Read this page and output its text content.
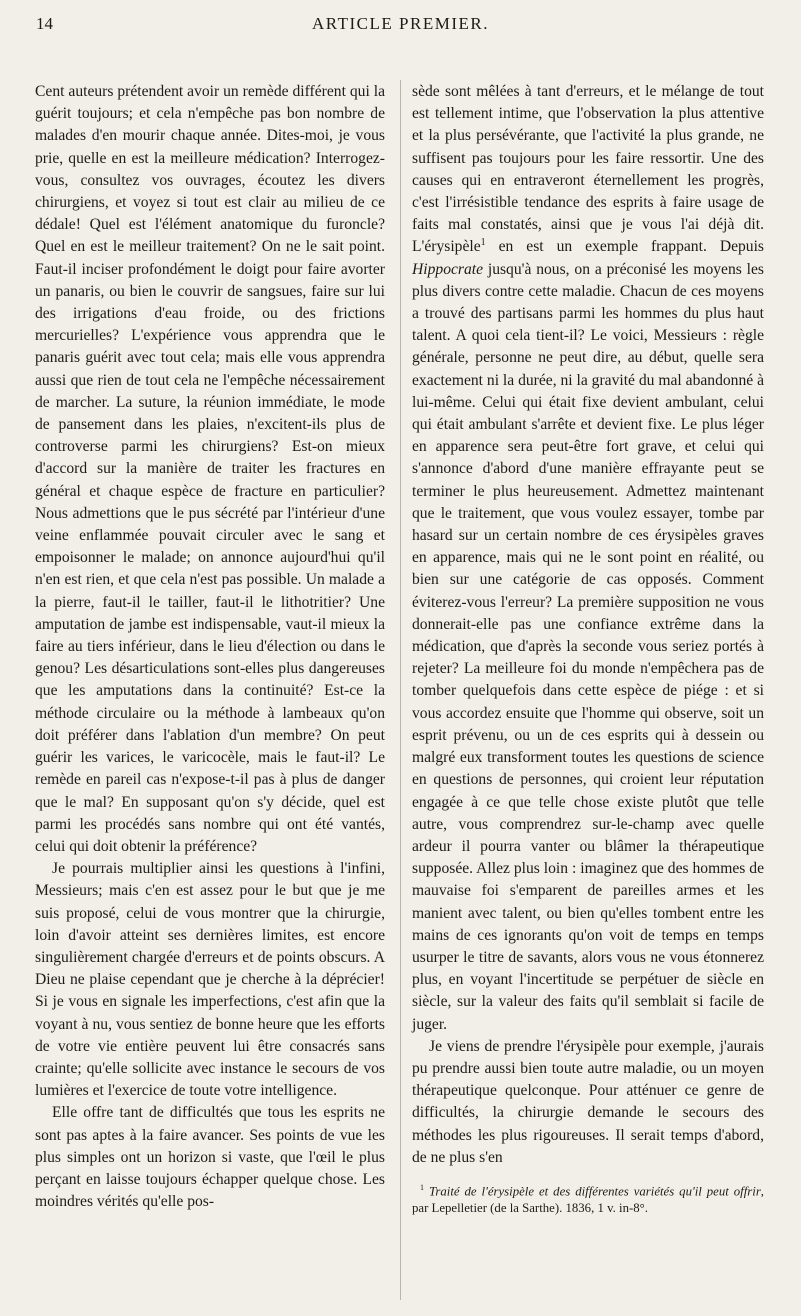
14	ARTICLE PREMIER.

Cent auteurs prétendent avoir un remède différent qui la guérit toujours; et cela n'empêche pas bon nombre de malades d'en mourir chaque année. Dites-moi, je vous prie, quelle en est la meilleure médication? Interrogez-vous, consultez vos ouvrages, écoutez les divers chirurgiens, et voyez si tout est clair au milieu de ce dédale! Quel est l'élément anatomique du furoncle? Quel en est le meilleur traitement? On ne le sait point. Faut-il inciser profondément le doigt pour faire avorter un panaris, ou bien le couvrir de sangsues, faire sur lui des irrigations d'eau froide, ou des frictions mercurielles? L'expérience vous apprendra que le panaris guérit avec tout cela; mais elle vous apprendra aussi que rien de tout cela ne l'empêche nécessairement de marcher. La suture, la réunion immédiate, le mode de pansement dans les plaies, n'excitent-ils plus de controverse parmi les chirurgiens? Est-on mieux d'accord sur la manière de traiter les fractures en général et chaque espèce de fracture en particulier? Nous admettions que le pus sécrété par l'intérieur d'une veine enflammée pouvait circuler avec le sang et empoisonner le malade; on annonce aujourd'hui qu'il n'en est rien, et que cela n'est pas possible. Un malade a la pierre, faut-il le tailler, faut-il le lithotritier? Une amputation de jambe est indispensable, vaut-il mieux la faire au tiers inférieur, dans le lieu d'élection ou dans le genou? Les désarticulations sont-elles plus dangereuses que les amputations dans la continuité? Est-ce la méthode circulaire ou la méthode à lambeaux qu'on doit préférer dans l'ablation d'un membre? On peut guérir les varices, le varicocèle, mais le faut-il? Le remède en pareil cas n'expose-t-il pas à plus de danger que le mal? En supposant qu'on s'y décide, quel est parmi les procédés sans nombre qui ont été vantés, celui qui doit obtenir la préférence?

Je pourrais multiplier ainsi les questions à l'infini, Messieurs; mais c'en est assez pour le but que je me suis proposé, celui de vous montrer que la chirurgie, loin d'avoir atteint ses dernières limites, est encore singulièrement chargée d'erreurs et de points obscurs. A Dieu ne plaise cependant que je cherche à la déprécier! Si je vous en signale les imperfections, c'est afin que la voyant à nu, vous sentiez de bonne heure que les efforts de votre vie entière peuvent lui être consacrés sans crainte; qu'elle sollicite avec instance le secours de vos lumières et l'exercice de toute votre intelligence.

Elle offre tant de difficultés que tous les esprits ne sont pas aptes à la faire avancer. Ses points de vue les plus simples ont un horizon si vaste, que l'œil le plus perçant en laisse toujours échapper quelque chose. Les moindres vérités qu'elle pos-

sède sont mêlées à tant d'erreurs, et le mélange de tout est tellement intime, que l'observation la plus attentive et la plus persévérante, que l'activité la plus grande, ne suffisent pas toujours pour les faire ressortir. Une des causes qui en entraveront éternellement les progrès, c'est l'irrésistible tendance des esprits à faire usage de faits mal constatés, ainsi que je vous l'ai déjà dit. L'érysipèle$^1$ en est un exemple frappant. Depuis Hippocrate jusqu'à nous, on a préconisé les moyens les plus divers contre cette maladie. Chacun de ces moyens a trouvé des partisans parmi les hommes du plus haut talent. A quoi cela tient-il? Le voici, Messieurs : règle générale, personne ne peut dire, au début, quelle sera exactement ni la durée, ni la gravité du mal abandonné à lui-même. Celui qui était fixe devient ambulant, celui qui était ambulant s'arrête et devient fixe. Le plus léger en apparence sera peut-être fort grave, et celui qui s'annonce d'abord d'une manière effrayante peut se terminer le plus heureusement. Admettez maintenant que le traitement, que vous voulez essayer, tombe par hasard sur un certain nombre de ces érysipèles graves en apparence, mais qui ne le sont point en réalité, ou bien sur une catégorie de cas opposés. Comment éviterez-vous l'erreur? La première supposition ne vous donnerait-elle pas une confiance extrême dans la médication, que d'après la seconde vous seriez portés à rejeter? La meilleure foi du monde n'empêchera pas de tomber quelquefois dans cette espèce de piége : et si vous accordez ensuite que l'homme qui observe, soit un esprit prévenu, ou un de ces esprits qui à dessein ou malgré eux transforment toutes les questions de science en questions de personnes, qui croient leur réputation engagée à ce que telle chose existe plutôt que telle autre, vous comprendrez sur-le-champ avec quelle ardeur il pourra vanter ou blâmer la thérapeutique supposée. Allez plus loin : imaginez que des hommes de mauvaise foi s'emparent de pareilles armes et les manient avec talent, ou bien qu'elles tombent entre les mains de ces ignorants qu'on voit de temps en temps usurper le titre de savants, alors vous ne vous étonnerez plus, en voyant l'incertitude se perpétuer de siècle en siècle, sur la valeur des faits qu'il semblait si facile de juger.

Je viens de prendre l'érysipèle pour exemple, j'aurais pu prendre aussi bien toute autre maladie, ou un moyen thérapeutique quelconque. Pour atténuer ce genre de difficultés, la chirurgie demande le secours des méthodes les plus rigoureuses. Il serait temps d'abord, de ne plus s'en

$^1$ Traité de l'érysipèle et des différentes variétés qu'il peut offrir, par Lepelletier (de la Sarthe). 1836, 1 v. in-8°.
